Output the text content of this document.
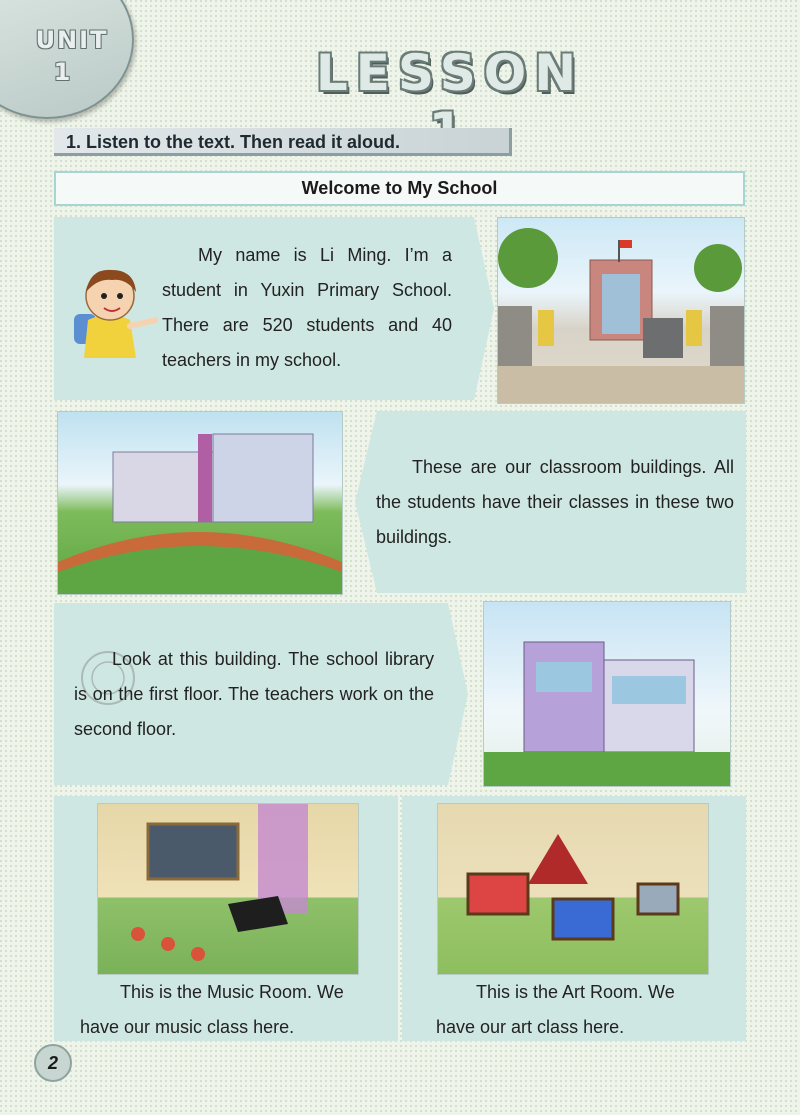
UNIT
1	LESSON
1. Listen to the text. Then read it aloud.
Welcome to My School
My name is Li Ming. I’m a student in Yuxin Primary School. There are 520 students and 40 teachers in my school.
These are our classroom buildings. All the students have their classes in these two buildings.
Look at this building. The school library is on the first floor. The teachers work on the second floor.
This is the Music Room. We have our music class here.
This is the Art Room. We have our art class here.
2
